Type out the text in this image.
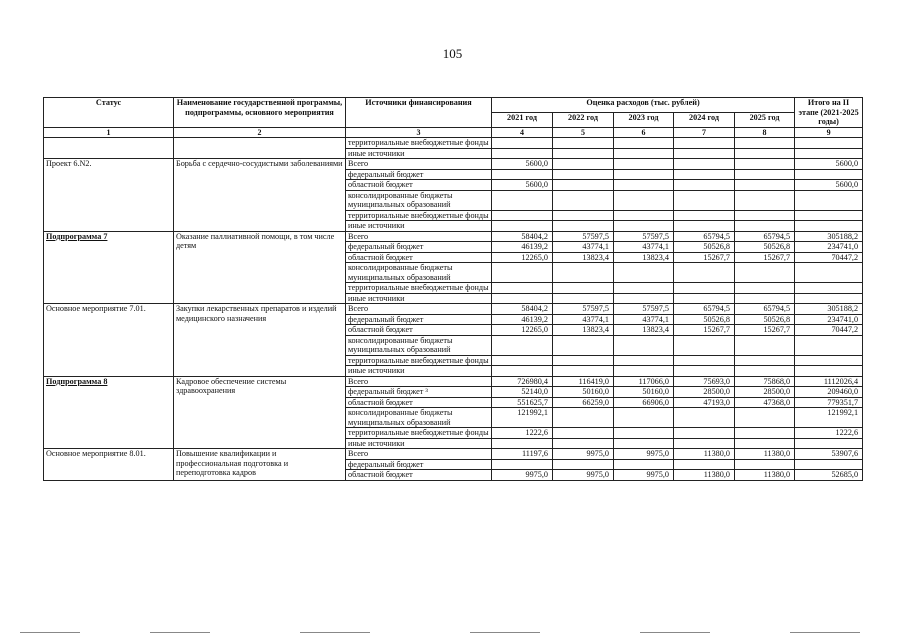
105
Статус	Наименование государственной программы, подпрограммы, основного мероприятия	Источники финансирования	Оценка расходов (тыс. рублей)					Итого на II этапе (2021-2025 годы)
			2021 год	2022 год	2023 год	2024 год	2025 год	
1	2	3	4	5	6	7	8	9
		территориальные внебюджетные фонды						
		иные источники						
Проект 6.N2.	Борьба с сердечно-сосудистыми заболеваниями	Всего	5600,0					5600,0
		федеральный бюджет						
		областной бюджет	5600,0					5600,0
		консолидированные бюджеты муниципальных образований						
		территориальные внебюджетные фонды						
		иные источники						
Подпрограмма 7	Оказание паллиативной помощи, в том числе детям	Всего	58404,2	57597,5	57597,5	65794,5	65794,5	305188,2
		федеральный бюджет	46139,2	43774,1	43774,1	50526,8	50526,8	234741,0
		областной бюджет	12265,0	13823,4	13823,4	15267,7	15267,7	70447,2
		консолидированные бюджеты муниципальных образований						
		территориальные внебюджетные фонды						
		иные источники						
Основное мероприятие 7.01.	Закупки лекарственных препаратов и изделий медицинского назначения	Всего	58404,2	57597,5	57597,5	65794,5	65794,5	305188,2
		федеральный бюджет	46139,2	43774,1	43774,1	50526,8	50526,8	234741,0
		областной бюджет	12265,0	13823,4	13823,4	15267,7	15267,7	70447,2
		консолидированные бюджеты муниципальных образований						
		территориальные внебюджетные фонды						
		иные источники						
Подпрограмма 8	Кадровое обеспечение системы здравоохранения	Всего	726980,4	116419,0	117066,0	75693,0	75868,0	1112026,4
		федеральный бюджет ³	52140,0	50160,0	50160,0	28500,0	28500,0	209460,0
		областной бюджет	551625,7	66259,0	66906,0	47193,0	47368,0	779351,7
		консолидированные бюджеты муниципальных образований	121992,1					121992,1
		территориальные внебюджетные фонды	1222,6					1222,6
		иные источники						
Основное мероприятие 8.01.	Повышение квалификации и профессиональная подготовка и переподготовка кадров	Всего	11197,6	9975,0	9975,0	11380,0	11380,0	53907,6
		федеральный бюджет						
		областной бюджет	9975,0	9975,0	9975,0	11380,0	11380,0	52685,0
